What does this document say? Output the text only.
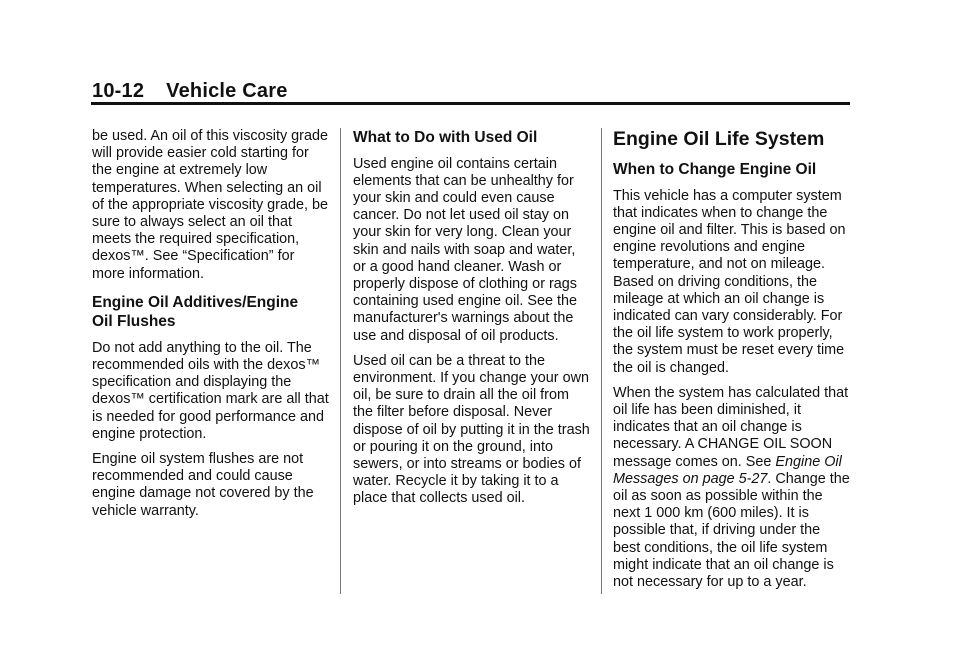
10-12 Vehicle Care

be used. An oil of this viscosity grade will provide easier cold starting for the engine at extremely low temperatures. When selecting an oil of the appropriate viscosity grade, be sure to always select an oil that meets the required specification, dexos™. See “Specification” for more information.

Engine Oil Additives/Engine
Oil Flushes

Do not add anything to the oil. The recommended oils with the dexos™ specification and displaying the dexos™ certification mark are all that is needed for good performance and engine protection.

Engine oil system flushes are not recommended and could cause engine damage not covered by the vehicle warranty.

What to Do with Used Oil

Used engine oil contains certain elements that can be unhealthy for your skin and could even cause cancer. Do not let used oil stay on your skin for very long. Clean your skin and nails with soap and water, or a good hand cleaner. Wash or properly dispose of clothing or rags containing used engine oil. See the manufacturer's warnings about the use and disposal of oil products.

Used oil can be a threat to the environment. If you change your own oil, be sure to drain all the oil from the filter before disposal. Never dispose of oil by putting it in the trash or pouring it on the ground, into sewers, or into streams or bodies of water. Recycle it by taking it to a place that collects used oil.

Engine Oil Life System
When to Change Engine Oil

This vehicle has a computer system that indicates when to change the engine oil and filter. This is based on engine revolutions and engine temperature, and not on mileage. Based on driving conditions, the mileage at which an oil change is indicated can vary considerably. For the oil life system to work properly, the system must be reset every time the oil is changed.

When the system has calculated that oil life has been diminished, it indicates that an oil change is necessary. A CHANGE OIL SOON message comes on. See Engine Oil Messages on page 5-27. Change the oil as soon as possible within the next 1 000 km (600 miles). It is possible that, if driving under the best conditions, the oil life system might indicate that an oil change is not necessary for up to a year.
